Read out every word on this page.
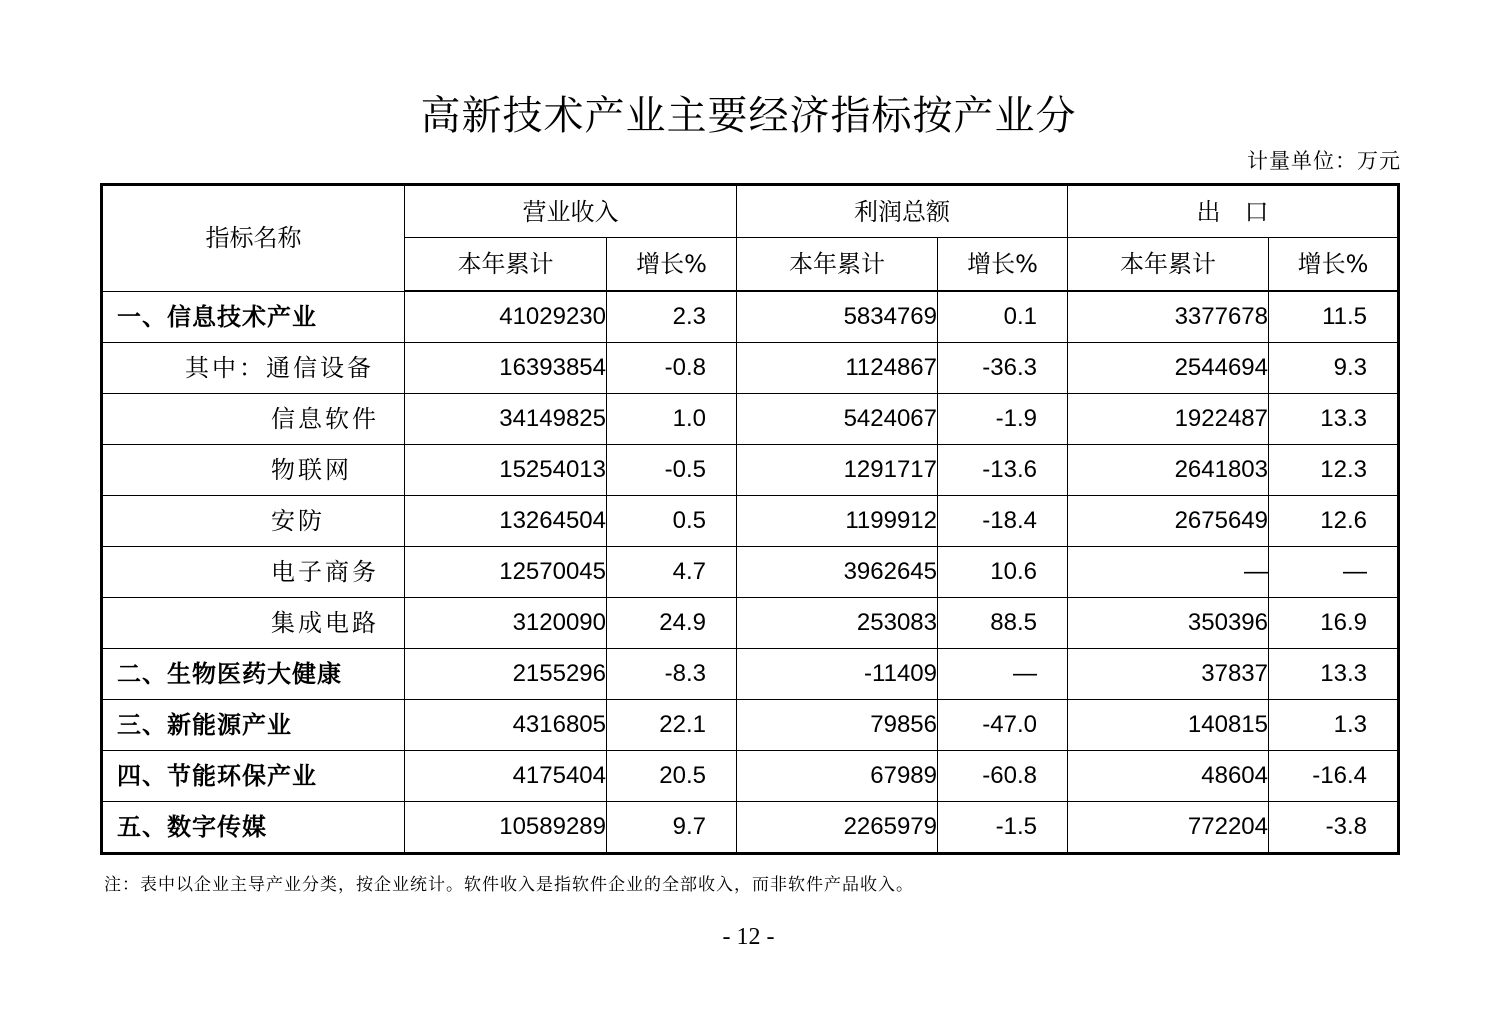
高新技术产业主要经济指标按产业分
计量单位：万元
指标名称	营业收入		利润总额		出　口	
	本年累计	增长%	本年累计	增长%	本年累计	增长%
一、信息技术产业	41029230	2.3	5834769	0.1	3377678	11.5
其中：通信设备	16393854	-0.8	1124867	-36.3	2544694	9.3
信息软件	34149825	1.0	5424067	-1.9	1922487	13.3
物联网	15254013	-0.5	1291717	-13.6	2641803	12.3
安防	13264504	0.5	1199912	-18.4	2675649	12.6
电子商务	12570045	4.7	3962645	10.6	—	—
集成电路	3120090	24.9	253083	88.5	350396	16.9
二、生物医药大健康	2155296	-8.3	-11409	—	37837	13.3
三、新能源产业	4316805	22.1	79856	-47.0	140815	1.3
四、节能环保产业	4175404	20.5	67989	-60.8	48604	-16.4
五、数字传媒	10589289	9.7	2265979	-1.5	772204	-3.8
注：表中以企业主导产业分类，按企业统计。软件收入是指软件企业的全部收入，而非软件产品收入。
- 12 -
